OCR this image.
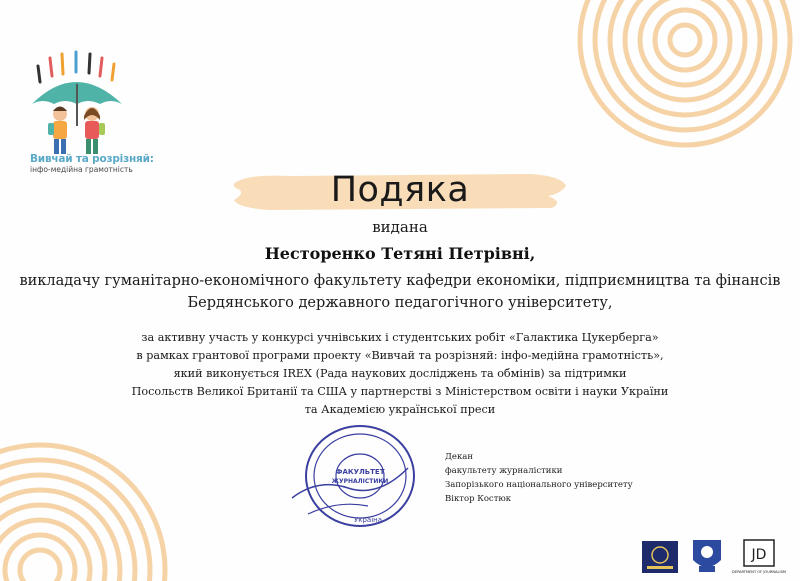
Вивчай та розрізняй:
інфо-медійна грамотність
Подяка
видана
Несторенко Тетяні Петрівні,
викладачу гуманітарно-економічного факультету кафедри економіки, підприємництва та фінансів
Бердянського державного педагогічного університету,
за активну участь у конкурсі учнівських і студентських робіт «Галактика Цукерберга»
в рамках грантової програми проекту «Вивчай та розрізняй: інфо-медійна грамотність»,
який виконується IREX (Рада наукових досліджень та обмінів) за підтримки
Посольств Великої Британії та США у партнерстві з Міністерством освіти і науки України
та Академією української преси
ФАКУЛЬТЕТ
ЖУРНАЛІСТИКИ
Україна
Декан
факультету журналістики
Запорізького національного університету
Віктор Костюк
JD
DEPARTMENT OF JOURNALISM
